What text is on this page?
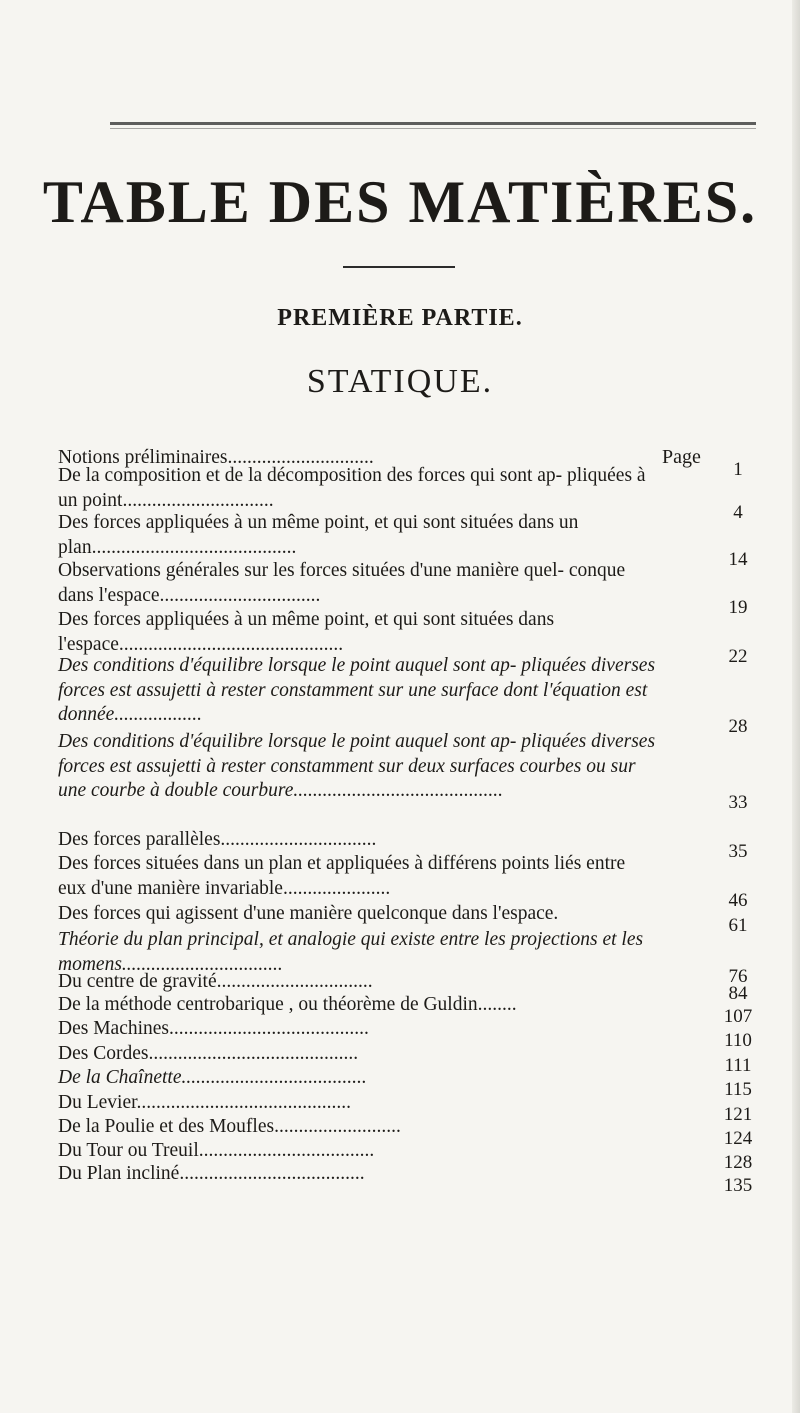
TABLE DES MATIÈRES.
PREMIÈRE PARTIE.
STATIQUE.
Page
Notions préliminaires..............................
1
De la composition et de la décomposition des forces qui sont ap- pliquées à un point...............................
4
Des forces appliquées à un même point, et qui sont situées dans un plan..........................................
14
Observations générales sur les forces situées d'une manière quel- conque dans l'espace.................................
19
Des forces appliquées à un même point, et qui sont situées dans l'espace..............................................
22
Des conditions d'équilibre lorsque le point auquel sont ap- pliquées diverses forces est assujetti à rester constamment sur une surface dont l'équation est donnée..................
28
Des conditions d'équilibre lorsque le point auquel sont ap- pliquées diverses forces est assujetti à rester constamment sur deux surfaces courbes ou sur une courbe à double courbure...........................................
33
Des forces parallèles................................
35
Des forces situées dans un plan et appliquées à différens points liés entre eux d'une manière invariable......................
46
Des forces qui agissent d'une manière quelconque dans l'espace.
61
Théorie du plan principal, et analogie qui existe entre les projections et les momens.................................
76
Du centre de gravité................................
84
De la méthode centrobarique , ou théorème de Guldin........
107
Des Machines.........................................
110
Des Cordes...........................................
111
De la Chaînette......................................
115
Du Levier............................................
121
De la Poulie et des Moufles..........................
124
Du Tour ou Treuil....................................
128
Du Plan incliné......................................
135
